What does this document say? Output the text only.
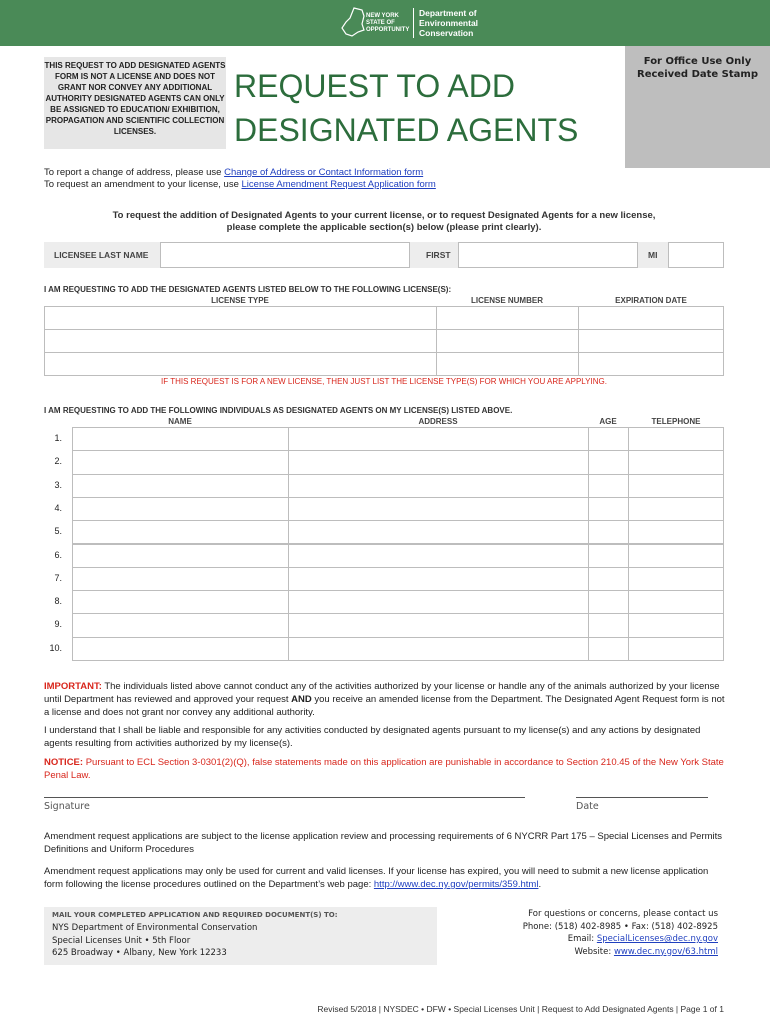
NEW YORK
STATE OF
OPPORTUNITY
Department of
Environmental
Conservation
THIS REQUEST TO ADD DESIGNATED AGENTS FORM IS NOT A LICENSE AND DOES NOT GRANT NOR CONVEY ANY ADDITIONAL AUTHORITY DESIGNATED AGENTS CAN ONLY BE ASSIGNED TO EDUCATION/ EXHIBITION, PROPAGATION AND SCIENTIFIC COLLECTION LICENSES.
REQUEST TO ADD
DESIGNATED AGENTS
For Office Use Only
Received Date Stamp
To report a change of address, please use Change of Address or Contact Information form
To request an amendment to your license, use License Amendment Request Application form
To request the addition of Designated Agents to your current license, or to request Designated Agents for a new license,
please complete the applicable section(s) below (please print clearly).
LICENSEE LAST NAME	FIRST	MI
I AM REQUESTING TO ADD THE DESIGNATED AGENTS LISTED BELOW TO THE FOLLOWING LICENSE(S):
LICENSE TYPE	LICENSE NUMBER	EXPIRATION DATE
IF THIS REQUEST IS FOR A NEW LICENSE, THEN JUST LIST THE LICENSE TYPE(S) FOR WHICH YOU ARE APPLYING.
I AM REQUESTING TO ADD THE FOLLOWING INDIVIDUALS AS DESIGNATED AGENTS ON MY LICENSE(S) LISTED ABOVE.
NAME	ADDRESS	AGE	TELEPHONE
1.
2.
3.
4.
5.
6.
7.
8.
9.
10.
IMPORTANT: The individuals listed above cannot conduct any of the activities authorized by your license or handle any of the animals authorized by your license until Department has reviewed and approved your request AND you receive an amended license from the Department. The Designated Agent Request form is not a license and does not grant nor convey any additional authority.
I understand that I shall be liable and responsible for any activities conducted by designated agents pursuant to my license(s) and any actions by designated agents resulting from activities authorized by my license(s).
NOTICE: Pursuant to ECL Section 3-0301(2)(Q), false statements made on this application are punishable in accordance to Section 210.45 of the New York State Penal Law.
Signature	Date
Amendment request applications are subject to the license application review and processing requirements of 6 NYCRR Part 175 – Special Licenses and Permits Definitions and Uniform Procedures
Amendment request applications may only be used for current and valid licenses. If your license has expired, you will need to submit a new license application form following the license procedures outlined on the Department’s web page: http://www.dec.ny.gov/permits/359.html.
MAIL YOUR COMPLETED APPLICATION AND REQUIRED DOCUMENT(S) TO:
NYS Department of Environmental Conservation
Special Licenses Unit • 5th Floor
625 Broadway • Albany, New York 12233
For questions or concerns, please contact us
Phone: (518) 402-8985 • Fax: (518) 402-8925
Email: SpecialLicenses@dec.ny.gov
Website: www.dec.ny.gov/63.html
Revised 5/2018 | NYSDEC • DFW • Special Licenses Unit | Request to Add Designated Agents | Page 1 of 1
